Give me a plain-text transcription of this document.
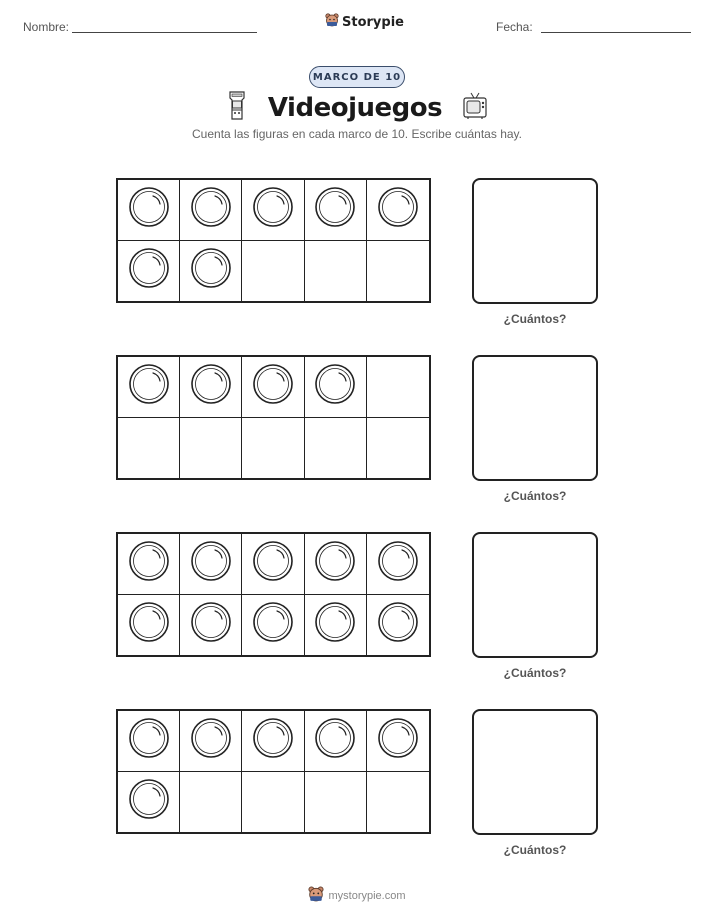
Nombre:	Storypie	Fecha:
MARCO DE 10
Videojuegos
Cuenta las figuras en cada marco de 10. Escribe cuántas hay.
¿Cuántos?
¿Cuántos?
¿Cuántos?
¿Cuántos?
mystorypie.com
